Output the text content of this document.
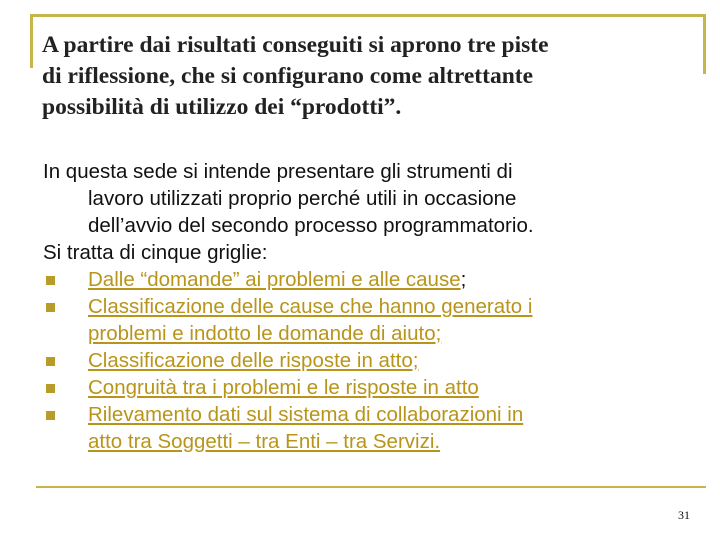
A partire dai risultati conseguiti si aprono tre piste
di riflessione, che si configurano come altrettante
possibilità di utilizzo dei “prodotti”.
In questa sede si intende presentare gli strumenti di
lavoro utilizzati proprio perché utili in occasione
dell’avvio del secondo processo programmatorio.
Si tratta di cinque griglie:
Dalle “domande” ai problemi e alle cause;
Classificazione delle cause che hanno generato i
problemi e indotto le domande di aiuto;
Classificazione delle risposte in atto;
Congruità tra i problemi e le risposte in atto
Rilevamento dati sul sistema di collaborazioni in
atto tra Soggetti – tra Enti – tra Servizi.
31
